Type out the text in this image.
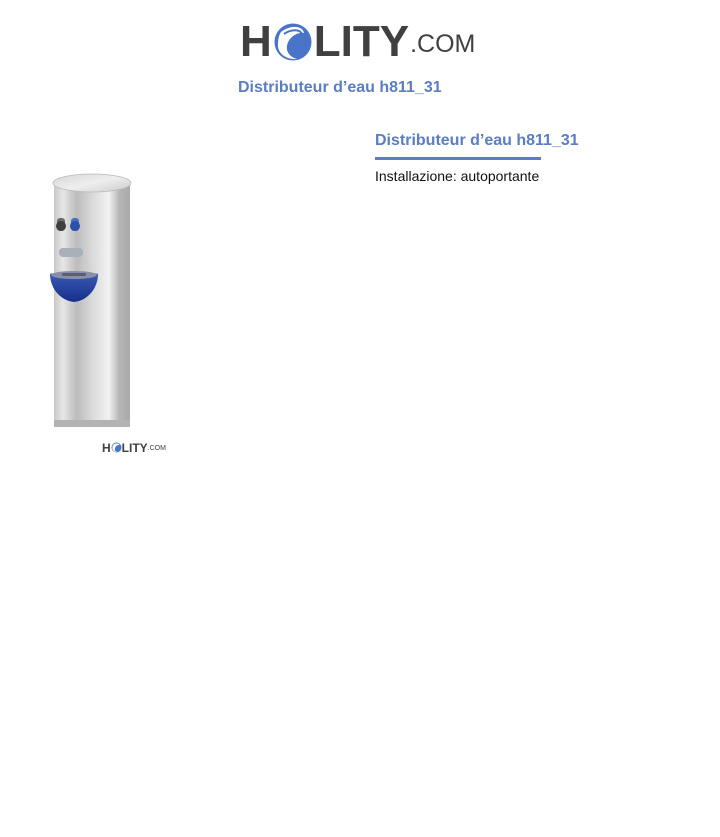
H LITY .COM
Distributeur d’eau h811_31
H LITY .COM
Distributeur d’eau h811_31

Installazione: autoportante
